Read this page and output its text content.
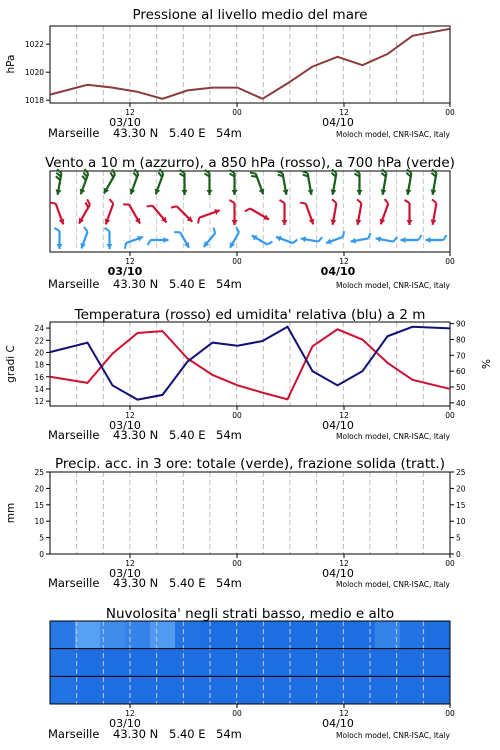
1018
1020
1022
hPa
12	00	12	00
03/10	04/10
Marseille 43.30 N 5.40 E 54m	Moloch model, CNR-ISAC, Italy
Pressione al livello medio del mare
12	00	12	00
03/10	04/10
Marseille 43.30 N 5.40 E 54m	Moloch model, CNR-ISAC, Italy
Vento a 10 m (azzurro), a 850 hPa (rosso), a 700 hPa (verde)
12
14
16
18
20
22
24
40
50
60
70
80
90
gradi C	%
12	00	12	00
03/10	04/10
Marseille 43.30 N 5.40 E 54m	Moloch model, CNR-ISAC, Italy
Temperatura (rosso) ed umidita' relativa (blu) a 2 m
0
5
10
15
20
25
0
5
10
15
20
25
mm
12	00	12	00
03/10	04/10
Marseille 43.30 N 5.40 E 54m	Moloch model, CNR-ISAC, Italy
Precip. acc. in 3 ore: totale (verde), frazione solida (tratt.)
12	00	12	00
03/10	04/10
Marseille 43.30 N 5.40 E 54m	Moloch model, CNR-ISAC, Italy
Nuvolosita' negli strati basso, medio e alto
